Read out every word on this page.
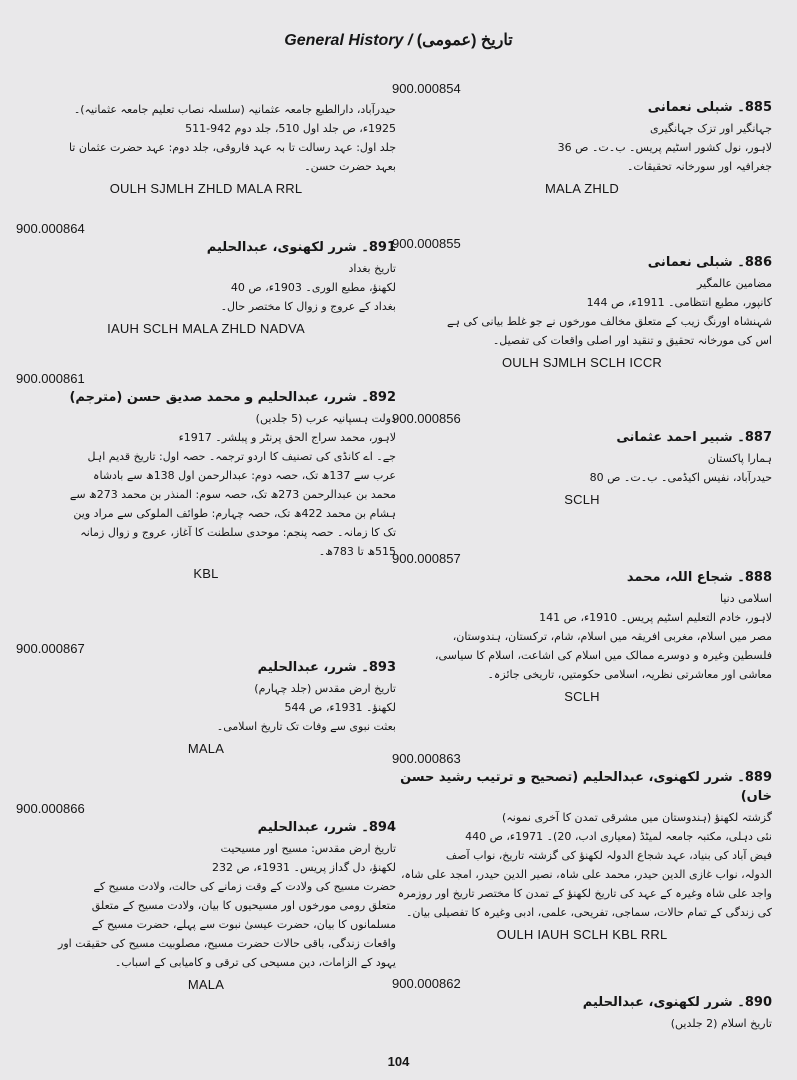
General History / تاریخ (عمومی)
حیدرآباد، دارالطبع جامعہ عثمانیہ (سلسلہ نصاب تعلیم جامعہ عثمانیہ)۔
1925ء، ص جلد اول 510، جلد دوم 942-511
جلد اول: عہد رسالت تا بہ عہد فاروقی، جلد دوم: عہد حضرت عثمان تا
بعہد حضرت حسن۔
OULH SJMLH ZHLD MALA RRL
900.000864
891۔ شرر لکھنوی، عبدالحلیم
تاریخ بغداد
لکھنؤ، مطبع الوری۔ 1903ء، ص 40
بغداد کے عروج و زوال کا مختصر حال۔
IAUH SCLH MALA ZHLD NADVA
900.000861
892۔ شرر، عبدالحلیم و محمد صدیق حسن (مترجم)
دولت ہسپانیہ عرب (5 جلدیں)
لاہور، محمد سراج الحق پرنٹر و پبلشر۔ 1917ء
جے۔ اے کانڈی کی تصنیف کا اردو ترجمہ۔ حصہ اول: تاریخ قدیم اہل
عرب سے 137ھ تک، حصہ دوم: عبدالرحمن اول 138ھ سے بادشاہ
محمد بن عبدالرحمن 273ھ تک، حصہ سوم: المنذر بن محمد 273ھ سے
ہشام بن محمد 422ھ تک، حصہ چہارم: طوائف الملوکی سے مراد وین
تک کا زمانہ۔ حصہ پنجم: موحدی سلطنت کا آغاز، عروج و زوال زمانہ
515ھ تا 783ھ۔
KBL
900.000867
893۔ شرر، عبدالحلیم
تاریخ ارض مقدس (جلد چہارم)
لکھنؤ۔ 1931ء، ص 544
بعثت نبوی سے وفات تک تاریخ اسلامی۔
MALA
900.000866
894۔ شرر، عبدالحلیم
تاریخ ارض مقدس: مسیح اور مسیحیت
لکھنؤ، دل گداز پریس۔ 1931ء، ص 232
حضرت مسیح کی ولادت کے وقت زمانے کی حالت، ولادت مسیح کے
متعلق رومی مورخوں اور مسیحیوں کا بیان، ولادت مسیح کے متعلق
مسلمانوں کا بیان، حضرت عیسیٰ نبوت سے پہلے، حضرت مسیح کے
واقعات زندگی، باقی حالات حضرت مسیح، مصلوبیت مسیح کی حقیقت اور
یہود کے الزامات، دین مسیحی کی ترقی و کامیابی کے اسباب۔
MALA
900.000854
885۔ شبلی نعمانی
جہانگیر اور تزک جہانگیری
لاہور، نول کشور اسٹیم پریس۔ ب۔ت۔ ص 36
جغرافیہ اور سورخانہ تحقیقات۔
MALA ZHLD
900.000855
886۔ شبلی نعمانی
مضامین عالمگیر
کانپور، مطبع انتظامی۔ 1911ء، ص 144
شہنشاہ اورنگ زیب کے متعلق مخالف مورخوں نے جو غلط بیانی کی ہے
اس کی مورخانہ تحقیق و تنقید اور اصلی واقعات کی تفصیل۔
OULH SJMLH SCLH ICCR
900.000856
887۔ شبیر احمد عثمانی
ہمارا پاکستان
حیدرآباد، نفیس اکیڈمی۔ ب۔ت۔ ص 80
SCLH
900.000857
888۔ شجاع اللہ، محمد
اسلامی دنیا
لاہور، خادم التعلیم اسٹیم پریس۔ 1910ء، ص 141
مصر میں اسلام، مغربی افریقہ میں اسلام، شام، ترکستان، ہندوستان،
فلسطین وغیرہ و دوسرے ممالک میں اسلام کی اشاعت، اسلام کا سیاسی،
معاشی اور معاشرتی نظریہ، اسلامی حکومتیں، تاریخی جائزہ۔
SCLH
900.000863
889۔ شرر لکھنوی، عبدالحلیم (تصحیح و ترتیب رشید حسن خاں)
گزشتہ لکھنؤ (ہندوستان میں مشرقی تمدن کا آخری نمونہ)
نئی دہلی، مکتبہ جامعہ لمیٹڈ (معیاری ادب، 20)۔ 1971ء، ص 440
فیض آباد کی بنیاد، عہد شجاع الدولہ لکھنؤ کی گزشتہ تاریخ، نواب آصف
الدولہ، نواب غازی الدین حیدر، محمد علی شاہ، نصیر الدین حیدر، امجد علی شاہ،
واجد علی شاہ وغیرہ کے عہد کی تاریخ لکھنؤ کے تمدن کا مختصر تاریخ اور روزمرہ
کی زندگی کے تمام حالات، سماجی، تفریحی، علمی، ادبی وغیرہ کا تفصیلی بیان۔
OULH IAUH SCLH KBL RRL
900.000862
890۔ شرر لکھنوی، عبدالحلیم
تاریخ اسلام (2 جلدیں)
104
